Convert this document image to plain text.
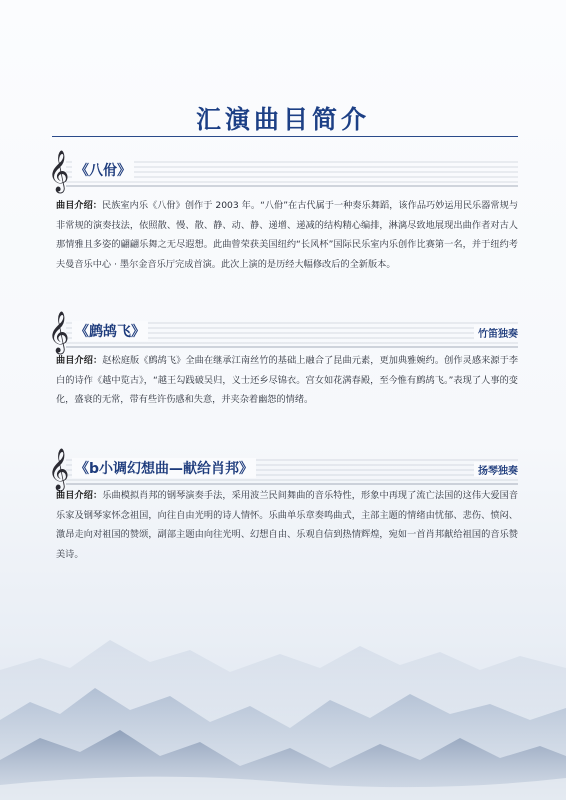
汇演曲目简介
𝄞 《八佾》
曲目介绍：民族室内乐《八佾》创作于 2003 年。“八佾”在古代属于一种奏乐舞蹈，该作品巧妙运用民乐器常规与非常规的演奏技法，依照散、慢、散、静、动、静、递增、递减的结构精心编排，淋漓尽致地展现出曲作者对古人那情雅且多姿的翩翩乐舞之无尽遐想。此曲曾荣获美国纽约“长风杯”国际民乐室内乐创作比赛第一名，并于纽约考夫曼音乐中心 · 墨尔金音乐厅完成首演。此次上演的是历经大幅修改后的全新版本。
𝄞 《鹧鸪飞》	竹笛独奏
曲目介绍：赵松庭版《鹧鸪飞》全曲在继承江南丝竹的基础上融合了昆曲元素，更加典雅婉约。创作灵感来源于李白的诗作《越中览古》，“越王勾践破吴归，义士还乡尽锦衣。宫女如花满春殿，至今惟有鹧鸪飞。”表现了人事的变化，盛衰的无常，带有些许伤感和失意，并夹杂着幽怨的情绪。
𝄞 《b小调幻想曲—献给肖邦》	扬琴独奏
曲目介绍：乐曲模拟肖邦的钢琴演奏手法，采用波兰民间舞曲的音乐特性，形象中再现了流亡法国的这伟大爱国音乐家及钢琴家怀念祖国，向往自由光明的诗人情怀。乐曲单乐章奏鸣曲式，主部主题的情绪由忧郁、悲伤、愤闷、激昂走向对祖国的赞颂，副部主题由向往光明、幻想自由、乐观自信到热情辉煌，宛如一首肖邦献给祖国的音乐赞美诗。
